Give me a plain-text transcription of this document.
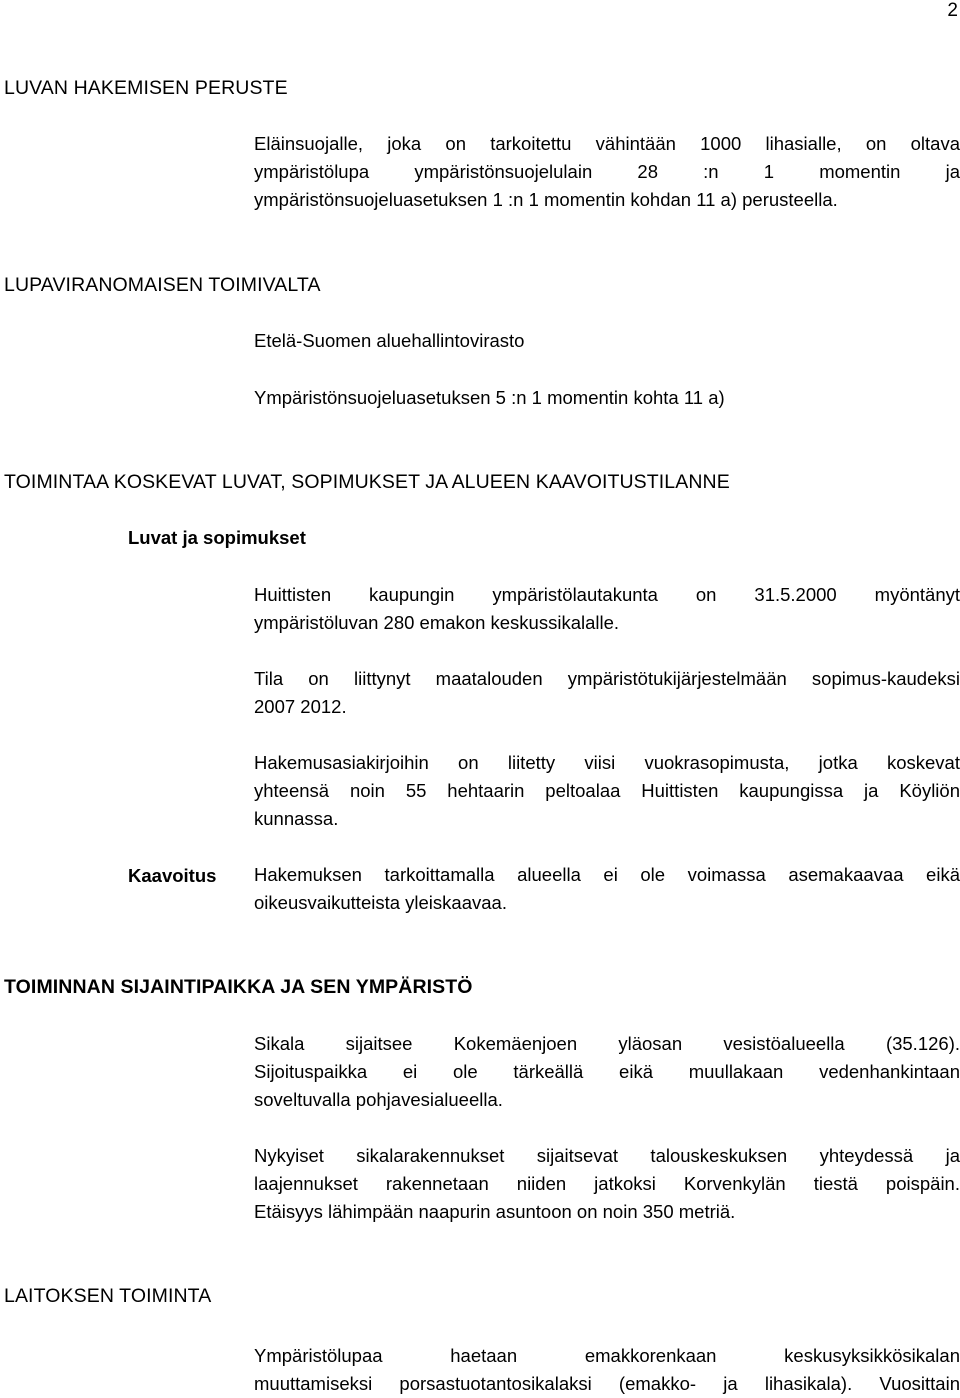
2
LUVAN HAKEMISEN PERUSTE
Eläinsuojalle, joka on tarkoitettu vähintään 1000 lihasialle, on oltava
ympäristölupa ympäristönsuojelulain 28 :n 1 momentin ja
ympäristönsuojeluasetuksen 1 :n 1 momentin kohdan 11 a) perusteella.
LUPAVIRANOMAISEN TOIMIVALTA
Etelä-Suomen aluehallintovirasto
Ympäristönsuojeluasetuksen 5 :n 1 momentin kohta 11 a)
TOIMINTAA KOSKEVAT LUVAT, SOPIMUKSET JA ALUEEN KAAVOITUSTILANNE
Luvat ja sopimukset
Huittisten kaupungin ympäristölautakunta on 31.5.2000 myöntänyt
ympäristöluvan 280 emakon keskussikalalle.
Tila on liittynyt maatalouden ympäristötukijärjestelmään sopimus-kaudeksi
2007 2012.
Hakemusasiakirjoihin on liitetty viisi vuokrasopimusta, jotka koskevat
yhteensä noin 55 hehtaarin peltoalaa Huittisten kaupungissa ja Köyliön
kunnassa.
Kaavoitus Hakemuksen tarkoittamalla alueella ei ole voimassa asemakaavaa eikä
oikeusvaikutteista yleiskaavaa.
TOIMINNAN SIJAINTIPAIKKA JA SEN YMPÄRISTÖ
Sikala sijaitsee Kokemäenjoen yläosan vesistöalueella (35.126).
Sijoituspaikka ei ole tärkeällä eikä muullakaan vedenhankintaan
soveltuvalla pohjavesialueella.
Nykyiset sikalarakennukset sijaitsevat talouskeskuksen yhteydessä ja
laajennukset rakennetaan niiden jatkoksi Korvenkylän tiestä poispäin.
Etäisyys lähimpään naapurin asuntoon on noin 350 metriä.
LAITOKSEN TOIMINTA
Ympäristölupaa haetaan emakkorenkaan keskusyksikkösikalan
muuttamiseksi porsastuotantosikalaksi (emakko- ja lihasikala). Vuosittain
